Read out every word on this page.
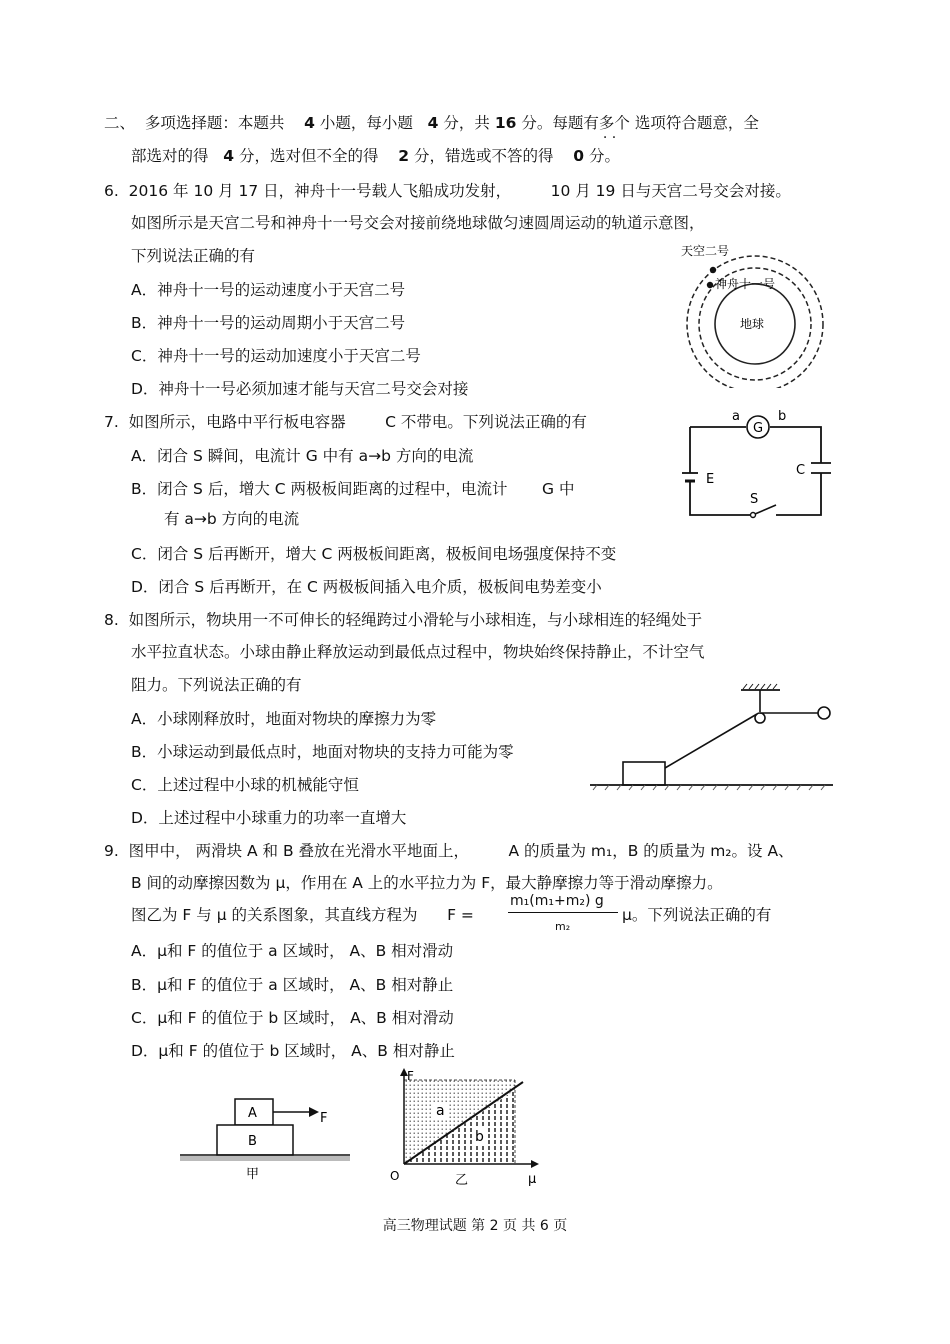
二、 多项选择题：本题共 4 小题，每小题 4 分，共 16 分。每题有多个 · · 选项符合题意，全
部选对的得 4 分，选对但不全的得 2 分，错选或不答的得 0 分。
6. 2016 年 10 月 17 日，神舟十一号载人飞船成功发射，	10 月 19 日与天宫二号交会对接。
如图所示是天宫二号和神舟十一号交会对接前绕地球做匀速圆周运动的轨道示意图，
下列说法正确的有
A．神舟十一号的运动速度小于天宫二号
B．神舟十一号的运动周期小于天宫二号
C．神舟十一号的运动加速度小于天宫二号
D．神舟十一号必须加速才能与天宫二号交会对接
天空二号
神舟十一号
地球
7. 如图所示，电路中平行板电容器	C 不带电。下列说法正确的有
A．闭合 S 瞬间，电流计 G 中有 a→b 方向的电流
B．闭合 S 后，增大 C 两极板间距离的过程中，电流计 G 中
有 a→b 方向的电流
C．闭合 S 后再断开，增大 C 两极板间距离，极板间电场强度保持不变
D．闭合 S 后再断开，在 C 两极板间插入电介质，极板间电势差变小
G
a	b
E
C
S
8. 如图所示，物块用一不可伸长的轻绳跨过小滑轮与小球相连，与小球相连的轻绳处于
水平拉直状态。小球由静止释放运动到最低点过程中，物块始终保持静止，不计空气
阻力。下列说法正确的有
A．小球刚释放时，地面对物块的摩擦力为零
B．小球运动到最低点时，地面对物块的支持力可能为零
C．上述过程中小球的机械能守恒
D．上述过程中小球重力的功率一直增大
9. 图甲中， 两滑块 A 和 B 叠放在光滑水平地面上，	A 的质量为 m₁，B 的质量为 m₂。设 A、
B 间的动摩擦因数为 μ，作用在 A 上的水平拉力为 F，最大静摩擦力等于滑动摩擦力。
图乙为 F 与 μ 的关系图象，其直线方程为 F =
m₁(m₁+m₂) g
m₂
μ。下列说法正确的有
A．μ和 F 的值位于 a 区域时， A、B 相对滑动
B．μ和 F 的值位于 a 区域时， A、B 相对静止
C．μ和 F 的值位于 b 区域时， A、B 相对滑动
D．μ和 F 的值位于 b 区域时， A、B 相对静止
A
B
F
甲
F
O	μ
a
b
乙
高三物理试题 第 2 页 共 6 页
